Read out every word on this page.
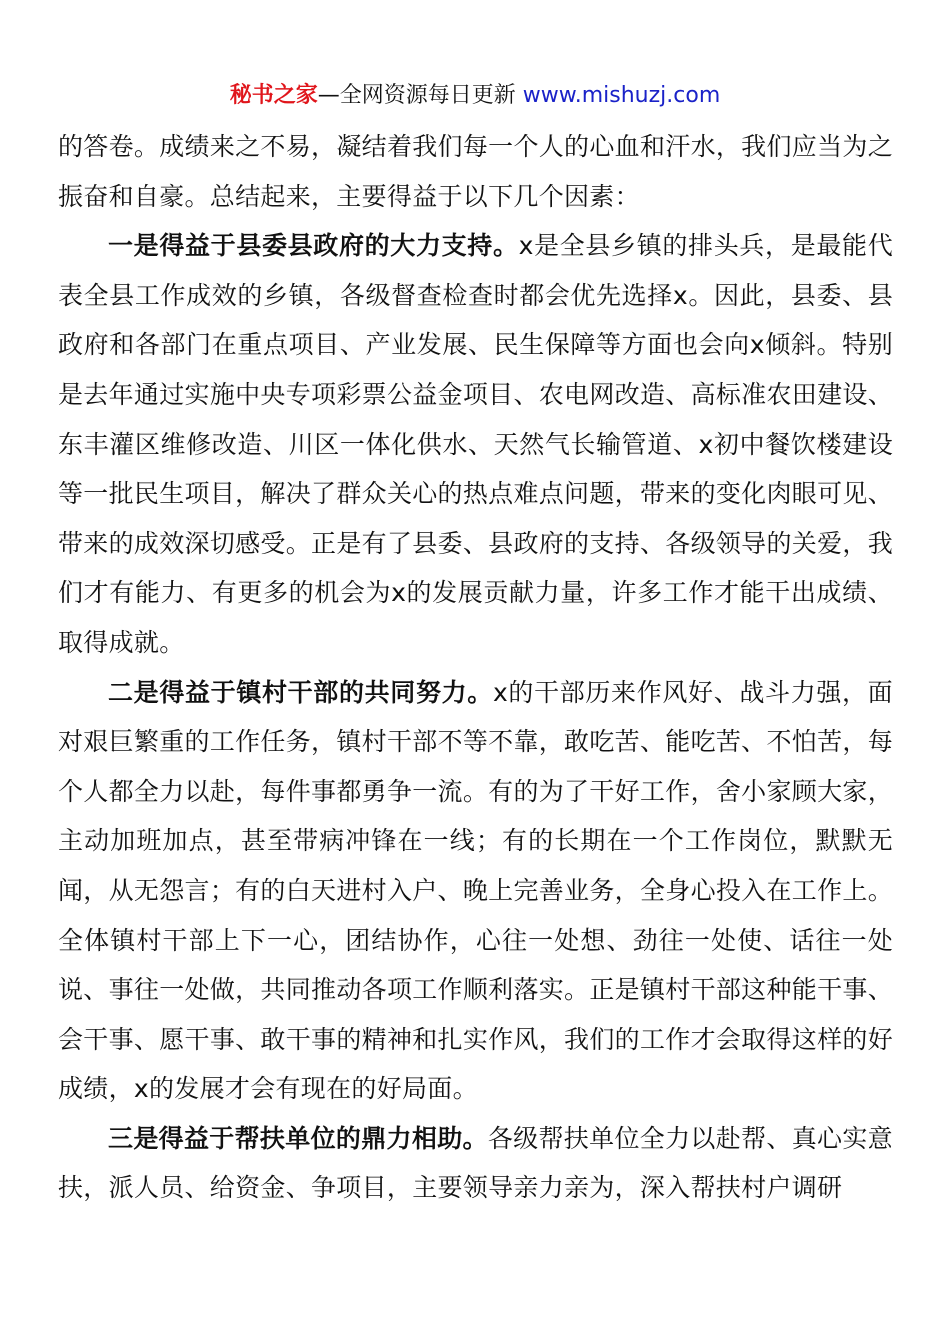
秘书之家—全网资源每日更新 www.mishuzj.com

的答卷。成绩来之不易，凝结着我们每一个人的心血和汗水，我们应当为之振奋和自豪。总结起来，主要得益于以下几个因素：

一是得益于县委县政府的大力支持。x是全县乡镇的排头兵，是最能代表全县工作成效的乡镇，各级督查检查时都会优先选择x。因此，县委、县政府和各部门在重点项目、产业发展、民生保障等方面也会向x倾斜。特别是去年通过实施中央专项彩票公益金项目、农电网改造、高标准农田建设、东丰灌区维修改造、川区一体化供水、天然气长输管道、x初中餐饮楼建设等一批民生项目，解决了群众关心的热点难点问题，带来的变化肉眼可见、带来的成效深切感受。正是有了县委、县政府的支持、各级领导的关爱，我们才有能力、有更多的机会为x的发展贡献力量，许多工作才能干出成绩、取得成就。

二是得益于镇村干部的共同努力。x的干部历来作风好、战斗力强，面对艰巨繁重的工作任务，镇村干部不等不靠，敢吃苦、能吃苦、不怕苦，每个人都全力以赴，每件事都勇争一流。有的为了干好工作，舍小家顾大家，主动加班加点，甚至带病冲锋在一线；有的长期在一个工作岗位，默默无闻，从无怨言；有的白天进村入户、晚上完善业务，全身心投入在工作上。全体镇村干部上下一心，团结协作，心往一处想、劲往一处使、话往一处说、事往一处做，共同推动各项工作顺利落实。正是镇村干部这种能干事、会干事、愿干事、敢干事的精神和扎实作风，我们的工作才会取得这样的好成绩，x的发展才会有现在的好局面。

三是得益于帮扶单位的鼎力相助。各级帮扶单位全力以赴帮、真心实意扶，派人员、给资金、争项目，主要领导亲力亲为，深入帮扶村户调研
